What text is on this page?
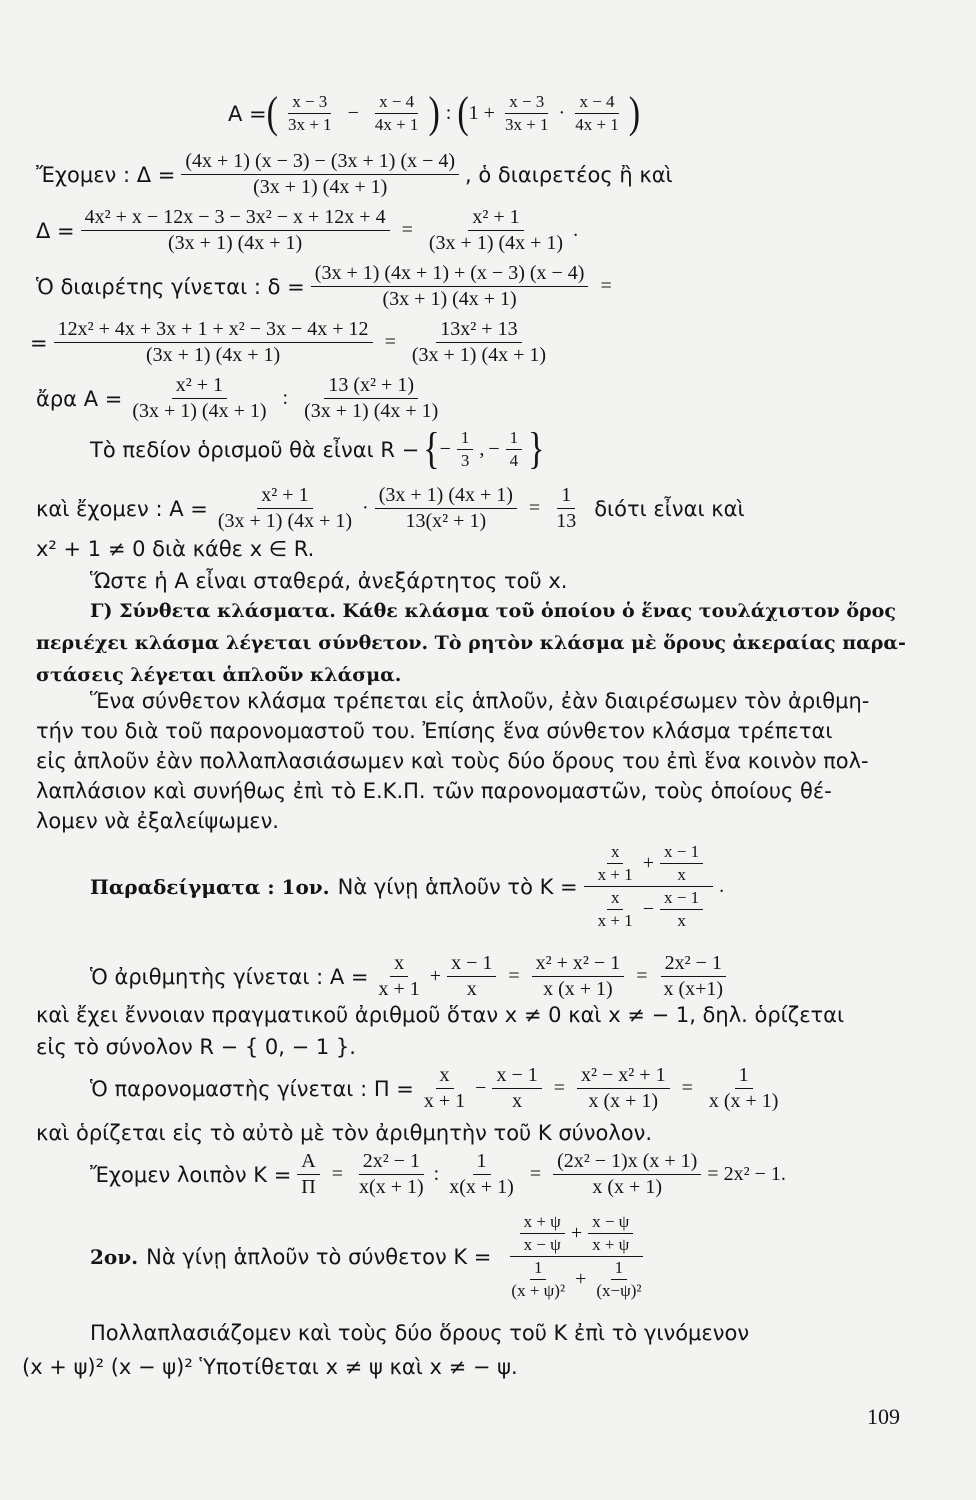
A = ( $\frac{x - 3}{3x + 1} - \frac{x - 4}{4x + 1}$ ) : ( $1 + \frac{x - 3}{3x + 1} \cdot \frac{x - 4}{4x + 1}$ )
Ἔχομεν : $\Delta = \frac{(4x + 1) (x - 3) - (3x + 1) (x - 4)}{(3x + 1) (4x + 1)}$ , ὁ διαιρετέος ἢ καὶ
$\Delta = \frac{\text{4x² + x − 12x − 3 − 3x² − x + 12x + 4}}{(3x + 1) (4x + 1)} = \frac{\text{x² + 1}}{(3x + 1) (4x + 1)}$ .
Ὁ διαιρέτης γίνεται : $\delta = \frac{(3x + 1) (4x + 1) + (x - 3) (x - 4)}{(3x + 1) (4x + 1)}$ =
= $\frac{\text{12x² + 4x + 3x + 1 + x² − 3x − 4x + 12}}{(3x + 1) (4x + 1)} = \frac{\text{13x² + 13}}{(3x + 1) (4x + 1)}$
ἄρα $A = \frac{\text{x² + 1}}{(3x + 1) (4x + 1)}$ : $\frac{\text{13 (x² + 1)}}{(3x + 1) (4x + 1)}$
Τὸ πεδίον ὁρισμοῦ θὰ εἶναι R − { − $\frac{1}{3}$ , − $\frac{1}{4}$ }
καὶ ἔχομεν : $A = \frac{\text{x² + 1}}{(3x + 1) (4x + 1)} \cdot \frac{(3x + 1) (4x + 1)}{\text{13(x² + 1)}} = \frac{1}{13}$ διότι εἶναι καὶ
x² + 1 ≠ 0 διὰ κάθε x ∈ R.
Ὥστε ἡ A εἶναι σταθερά, ἀνεξάρτητος τοῦ x.
Γ) Σύνθετα κλάσματα. Κάθε κλάσμα τοῦ ὁποίου ὁ ἕνας τουλάχιστον ὅρος
περιέχει κλάσμα λέγεται σύνθετον. Τὸ ρητὸν κλάσμα μὲ ὅρους ἀκεραίας παρα-
στάσεις λέγεται ἁπλοῦν κλάσμα.
Ἕνα σύνθετον κλάσμα τρέπεται εἰς ἁπλοῦν, ἐὰν διαιρέσωμεν τὸν ἀριθμη-
τήν του διὰ τοῦ παρονομαστοῦ του. Ἐπίσης ἕνα σύνθετον κλάσμα τρέπεται
εἰς ἁπλοῦν ἐὰν πολλαπλασιάσωμεν καὶ τοὺς δύο ὅρους του ἐπὶ ἕνα κοινὸν πολ-
λαπλάσιον καὶ συνήθως ἐπὶ τὸ Ε.Κ.Π. τῶν παρονομαστῶν, τοὺς ὁποίους θέ-
λομεν νὰ ἐξαλείψωμεν.
Παραδείγματα : 1ον. Νὰ γίνῃ ἁπλοῦν τὸ $K = \frac{\frac{x}{x + 1} + \frac{x - 1}{x}}{\frac{x}{x + 1} - \frac{x - 1}{x}}$ .
Ὁ ἀριθμητὴς γίνεται : $A = \frac{x}{x + 1} + \frac{x - 1}{x} = \frac{\text{x² + x² − 1}}{x (x + 1)} = \frac{\text{2x² − 1}}{x (x+1)}$
καὶ ἔχει ἔννοιαν πραγματικοῦ ἀριθμοῦ ὅταν x ≠ 0 καὶ x ≠ − 1, δηλ. ὁρίζεται
εἰς τὸ σύνολον R − { 0, − 1 }.
Ὁ παρονομαστὴς γίνεται : $\Pi = \frac{x}{x + 1} - \frac{x - 1}{x} = \frac{\text{x² − x² + 1}}{x (x + 1)} = \frac{1}{x (x + 1)}$
καὶ ὁρίζεται εἰς τὸ αὐτὸ μὲ τὸν ἀριθμητὴν τοῦ K σύνολον.
Ἔχομεν λοιπὸν $K = \frac{A}{\Pi} = \frac{\text{2x² − 1}}{x(x + 1)}$ : $\frac{1}{x(x + 1)} = \frac{\text{(2x² − 1)x (x + 1)}}{x (x + 1)} = 2x^2 - 1$.
2ον. Νὰ γίνῃ ἁπλοῦν τὸ σύνθετον $K = \frac{\frac{x + \psi}{x - \psi} + \frac{x - \psi}{x + \psi}}{\frac{1}{\text{(x + ψ)²}} + \frac{1}{\text{(x−ψ)²}}}$
Πολλαπλασιάζομεν καὶ τοὺς δύο ὅρους τοῦ K ἐπὶ τὸ γινόμενον
(x + ψ)² (x − ψ)² Ὑποτίθεται x ≠ ψ καὶ x ≠ − ψ.
109
